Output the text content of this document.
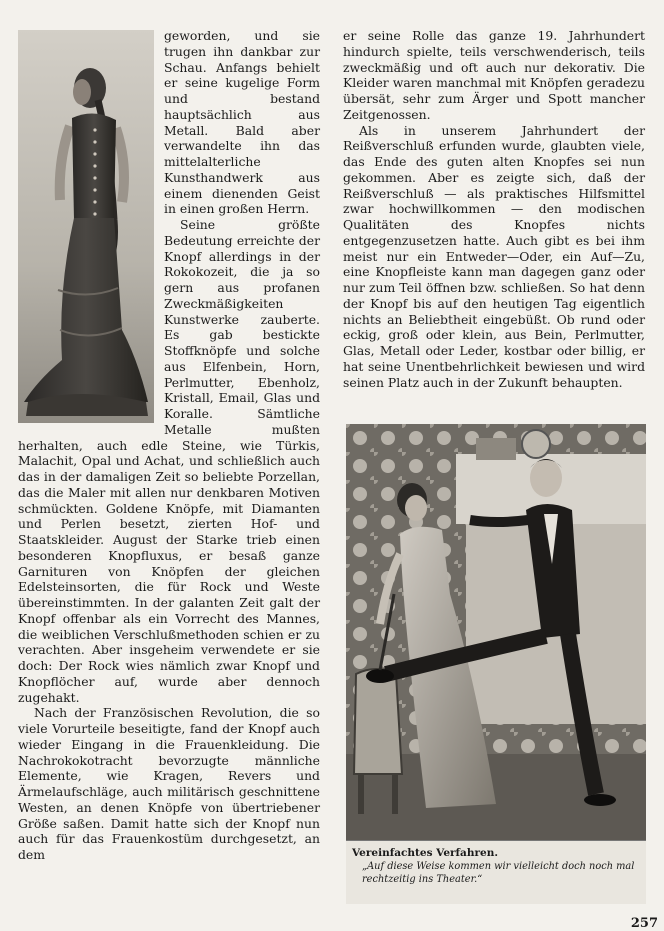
geworden, und sie trugen ihn dankbar zur Schau. Anfangs behielt er seine kugelige Form und bestand hauptsächlich aus Metall. Bald aber verwandelte ihn das mittelalterliche Kunsthandwerk aus einem dienenden Geist in einen großen Herrn.

Seine größte Bedeutung erreichte der Knopf allerdings in der Rokokozeit, die ja so gern aus profanen Zweckmäßigkeiten Kunstwerke zauberte. Es gab bestickte Stoffknöpfe und solche aus Elfenbein, Horn, Perlmutter, Ebenholz, Kristall, Email, Glas und Koralle. Sämtliche Metalle mußten herhalten, auch edle Steine, wie Türkis, Malachit, Opal und Achat, und schließlich auch das in der damaligen Zeit so beliebte Porzellan, das die Maler mit allen nur denkbaren Motiven schmückten. Goldene Knöpfe, mit Diamanten und Perlen besetzt, zierten Hof- und Staatskleider. August der Starke trieb einen besonderen Knopfluxus, er besaß ganze Garnituren von Knöpfen der gleichen Edelsteinsorten, die für Rock und Weste übereinstimmten. In der galanten Zeit galt der Knopf offenbar als ein Vorrecht des Mannes, die weiblichen Verschlußmethoden schien er zu verachten. Aber insgeheim verwendete er sie doch: Der Rock wies nämlich zwar Knopf und Knopflöcher auf, wurde aber dennoch zugehakt.

Nach der Französischen Revolution, die so viele Vorurteile beseitigte, fand der Knopf auch wieder Eingang in die Frauenkleidung. Die Nachrokokotracht bevorzugte männliche Elemente, wie Kragen, Revers und Ärmelaufschläge, auch militärisch geschnittene Westen, an denen Knöpfe von übertriebener Größe saßen. Damit hatte sich der Knopf nun auch für das Frauenkostüm durchgesetzt, an dem

er seine Rolle das ganze 19. Jahrhundert hindurch spielte, teils verschwenderisch, teils zweckmäßig und oft auch nur dekorativ. Die Kleider waren manchmal mit Knöpfen geradezu übersät, sehr zum Ärger und Spott mancher Zeitgenossen.

Als in unserem Jahrhundert der Reißverschluß erfunden wurde, glaubten viele, das Ende des guten alten Knopfes sei nun gekommen. Aber es zeigte sich, daß der Reißverschluß — als praktisches Hilfsmittel zwar hochwillkommen — den modischen Qualitäten des Knopfes nichts entgegenzusetzen hatte. Auch gibt es bei ihm meist nur ein Entweder—Oder, ein Auf—Zu, eine Knopfleiste kann man dagegen ganz oder nur zum Teil öffnen bzw. schließen. So hat denn der Knopf bis auf den heutigen Tag eigentlich nichts an Beliebtheit eingebüßt. Ob rund oder eckig, groß oder klein, aus Bein, Perlmutter, Glas, Metall oder Leder, kostbar oder billig, er hat seine Unentbehrlichkeit bewiesen und wird seinen Platz auch in der Zukunft behaupten.

Vereinfachtes Verfahren.
„Auf diese Weise kommen wir vielleicht doch noch mal rechtzeitig ins Theater.“
257
